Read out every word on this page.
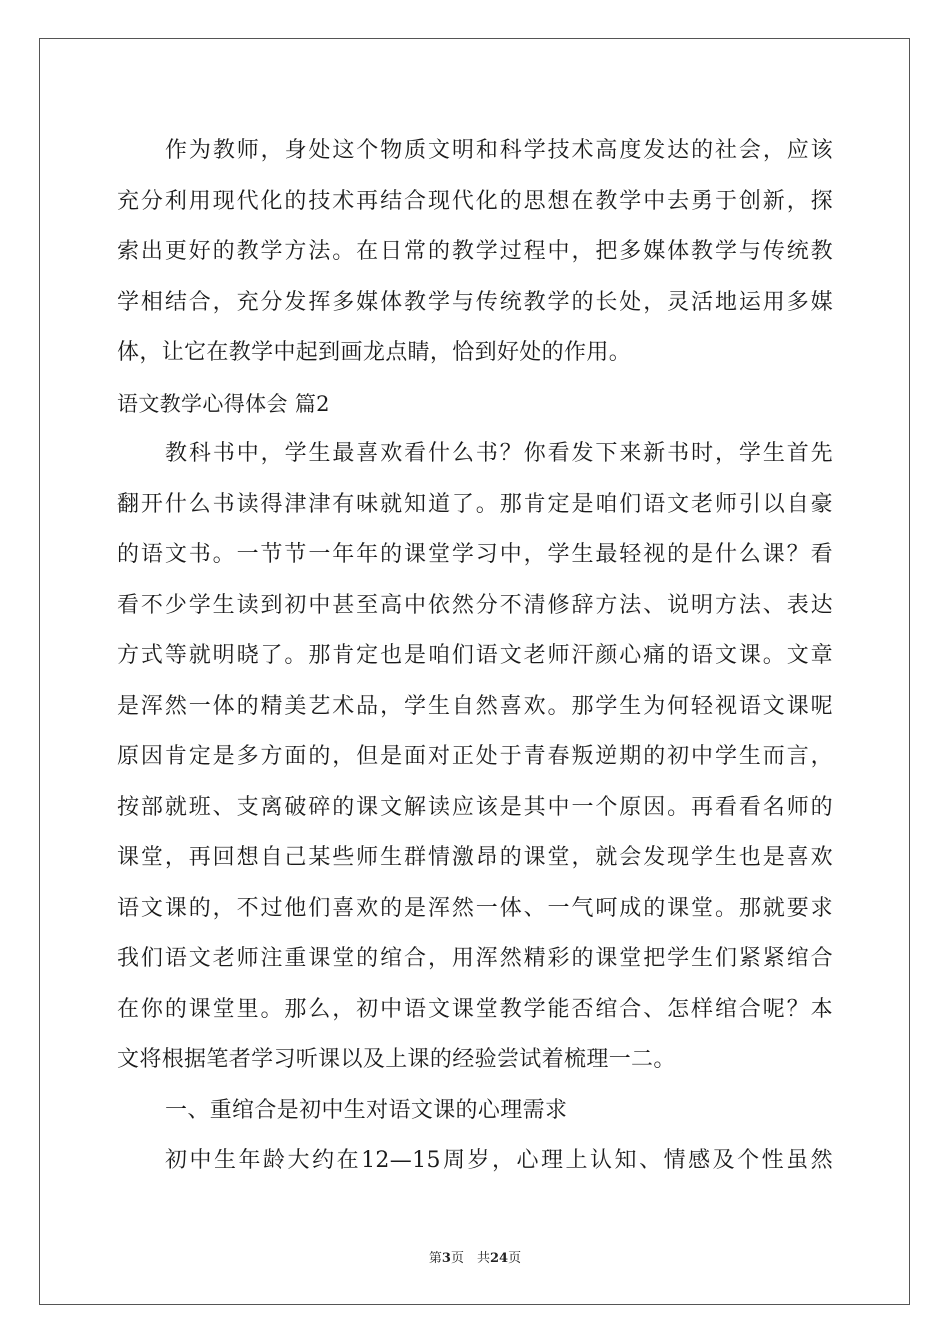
作为教师，身处这个物质文明和科学技术高度发达的社会，应该
充分利用现代化的技术再结合现代化的思想在教学中去勇于创新，探
索出更好的教学方法。在日常的教学过程中，把多媒体教学与传统教
学相结合，充分发挥多媒体教学与传统教学的长处，灵活地运用多媒
体，让它在教学中起到画龙点睛，恰到好处的作用。
语文教学心得体会 篇2
教科书中，学生最喜欢看什么书？你看发下来新书时，学生首先
翻开什么书读得津津有味就知道了。那肯定是咱们语文老师引以自豪
的语文书。一节节一年年的课堂学习中，学生最轻视的是什么课？看
看不少学生读到初中甚至高中依然分不清修辞方法、说明方法、表达
方式等就明晓了。那肯定也是咱们语文老师汗颜心痛的语文课。文章
是浑然一体的精美艺术品，学生自然喜欢。那学生为何轻视语文课呢
原因肯定是多方面的，但是面对正处于青春叛逆期的初中学生而言，
按部就班、支离破碎的课文解读应该是其中一个原因。再看看名师的
课堂，再回想自己某些师生群情激昂的课堂，就会发现学生也是喜欢
语文课的，不过他们喜欢的是浑然一体、一气呵成的课堂。那就要求
我们语文老师注重课堂的绾合，用浑然精彩的课堂把学生们紧紧绾合
在你的课堂里。那么，初中语文课堂教学能否绾合、怎样绾合呢？本
文将根据笔者学习听课以及上课的经验尝试着梳理一二。
一、重绾合是初中生对语文课的心理需求
初中生年龄大约在12—15周岁，心理上认知、情感及个性虽然
第3页　共24页
